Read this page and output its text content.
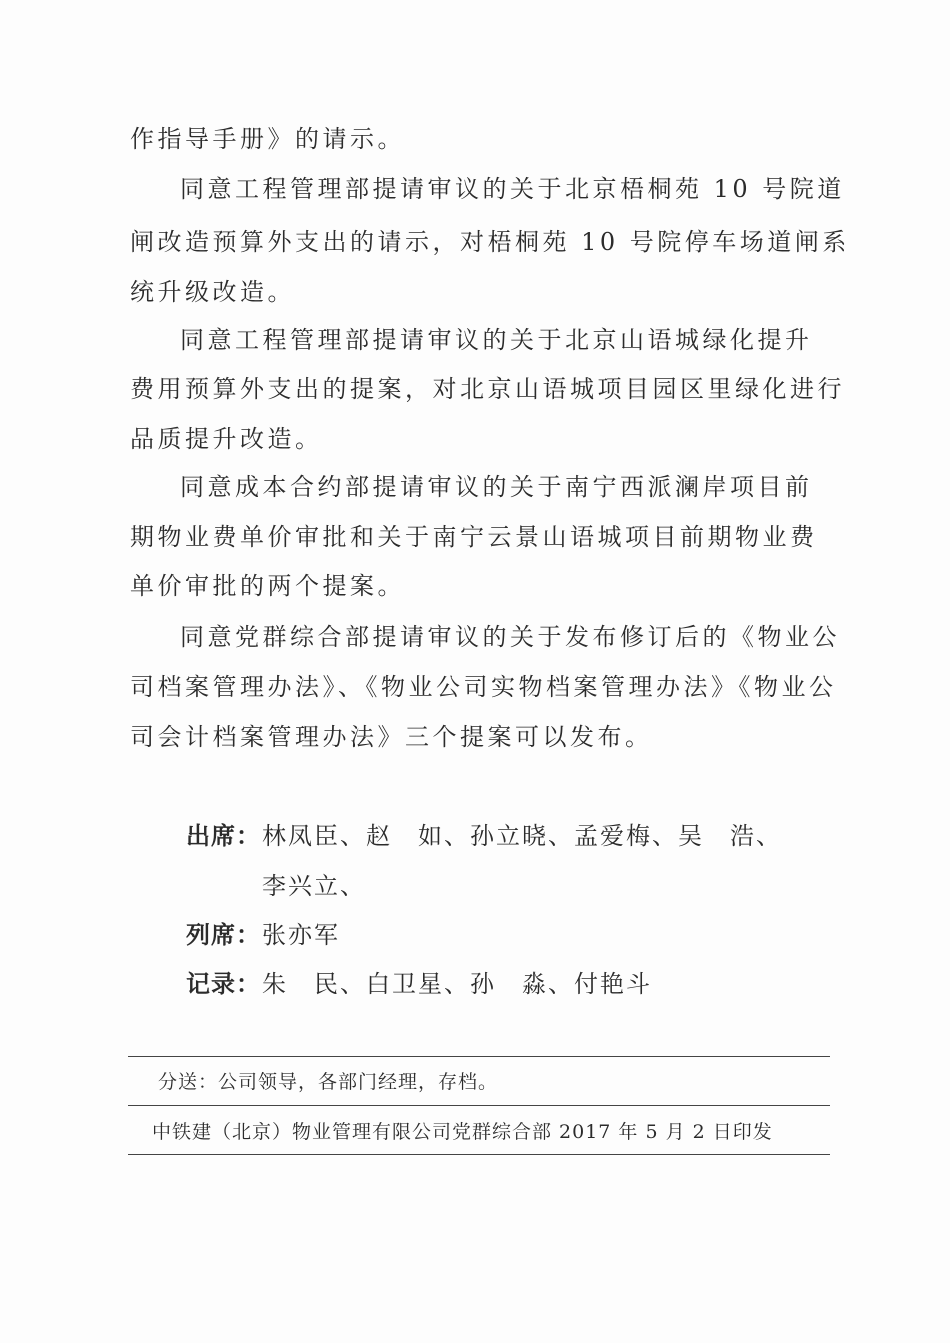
作指导手册》的请示。
同意工程管理部提请审议的关于北京梧桐苑 10 号院道
闸改造预算外支出的请示，对梧桐苑 10 号院停车场道闸系
统升级改造。
同意工程管理部提请审议的关于北京山语城绿化提升
费用预算外支出的提案，对北京山语城项目园区里绿化进行
品质提升改造。
同意成本合约部提请审议的关于南宁西派澜岸项目前
期物业费单价审批和关于南宁云景山语城项目前期物业费
单价审批的两个提案。
同意党群综合部提请审议的关于发布修订后的《物业公
司档案管理办法》、《物业公司实物档案管理办法》《物业公
司会计档案管理办法》三个提案可以发布。
出席： 林凤臣、赵　如、孙立晓、孟爱梅、吴　浩、
李兴立、
列席： 张亦军
记录： 朱　民、白卫星、孙　淼、付艳斗
分送：公司领导，各部门经理，存档。
中铁建（北京）物业管理有限公司党群综合部 2017 年 5 月 2 日印发
